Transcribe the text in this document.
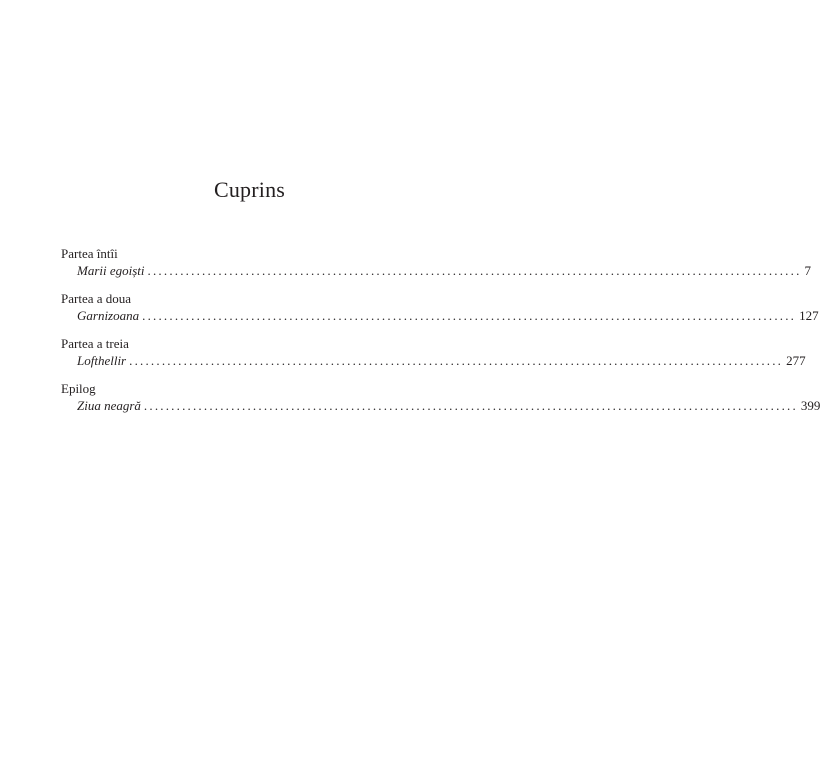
Cuprins
Partea întîi
Marii egoiști ........................................................................................................................ 7
Partea a doua
Garnizoana ........................................................................................................................ 127
Partea a treia
Lofthellir ........................................................................................................................ 277
Epilog
Ziua neagră ........................................................................................................................ 399
